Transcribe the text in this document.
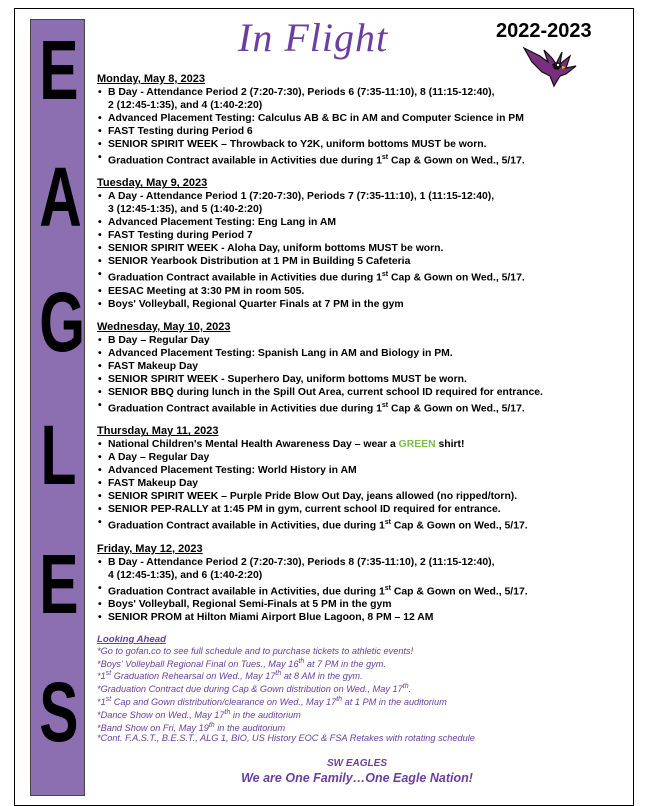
E
A
G
L
E
S
In Flight	2022-2023
Monday, May 8, 2023
• B Day - Attendance Period 2 (7:20-7:30), Periods 6 (7:35-11:10), 8 (11:15-12:40),
2 (12:45-1:35), and 4 (1:40-2:20)
• Advanced Placement Testing: Calculus AB & BC in AM and Computer Science in PM
• FAST Testing during Period 6
• SENIOR SPIRIT WEEK – Throwback to Y2K, uniform bottoms MUST be worn.
• Graduation Contract available in Activities due during 1st Cap & Gown on Wed., 5/17.
Tuesday, May 9, 2023
• A Day - Attendance Period 1 (7:20-7:30), Periods 7 (7:35-11:10), 1 (11:15-12:40),
3 (12:45-1:35), and 5 (1:40-2:20)
• Advanced Placement Testing: Eng Lang in AM
• FAST Testing during Period 7
• SENIOR SPIRIT WEEK - Aloha Day, uniform bottoms MUST be worn.
• SENIOR Yearbook Distribution at 1 PM in Building 5 Cafeteria
• Graduation Contract available in Activities due during 1st Cap & Gown on Wed., 5/17.
• EESAC Meeting at 3:30 PM in room 505.
• Boys' Volleyball, Regional Quarter Finals at 7 PM in the gym
Wednesday, May 10, 2023
• B Day – Regular Day
• Advanced Placement Testing: Spanish Lang in AM and Biology in PM.
• FAST Makeup Day
• SENIOR SPIRIT WEEK - Superhero Day, uniform bottoms MUST be worn.
• SENIOR BBQ during lunch in the Spill Out Area, current school ID required for entrance.
• Graduation Contract available in Activities due during 1st Cap & Gown on Wed., 5/17.
Thursday, May 11, 2023
• National Children's Mental Health Awareness Day – wear a GREEN shirt!
• A Day – Regular Day
• Advanced Placement Testing: World History in AM
• FAST Makeup Day
• SENIOR SPIRIT WEEK – Purple Pride Blow Out Day, jeans allowed (no ripped/torn).
• SENIOR PEP-RALLY at 1:45 PM in gym, current school ID required for entrance.
• Graduation Contract available in Activities, due during 1st Cap & Gown on Wed., 5/17.
Friday, May 12, 2023
• B Day - Attendance Period 2 (7:20-7:30), Periods 8 (7:35-11:10), 2 (11:15-12:40),
4 (12:45-1:35), and 6 (1:40-2:20)
• Graduation Contract available in Activities, due during 1st Cap & Gown on Wed., 5/17.
• Boys' Volleyball, Regional Semi-Finals at 5 PM in the gym
• SENIOR PROM at Hilton Miami Airport Blue Lagoon, 8 PM – 12 AM
Looking Ahead
*Go to gofan.co to see full schedule and to purchase tickets to athletic events!
*Boys' Volleyball Regional Final on Tues., May 16th at 7 PM in the gym.
*1st Graduation Rehearsal on Wed., May 17th at 8 AM in the gym.
*Graduation Contract due during Cap & Gown distribution on Wed., May 17th.
*1st Cap and Gown distribution/clearance on Wed., May 17th at 1 PM in the auditorium
*Dance Show on Wed., May 17th in the auditorium
*Band Show on Fri, May 19th in the auditorium
*Cont. F.A.S.T., B.E.S.T., ALG 1, BIO, US History EOC & FSA Retakes with rotating schedule
SW EAGLES
We are One Family…One Eagle Nation!
